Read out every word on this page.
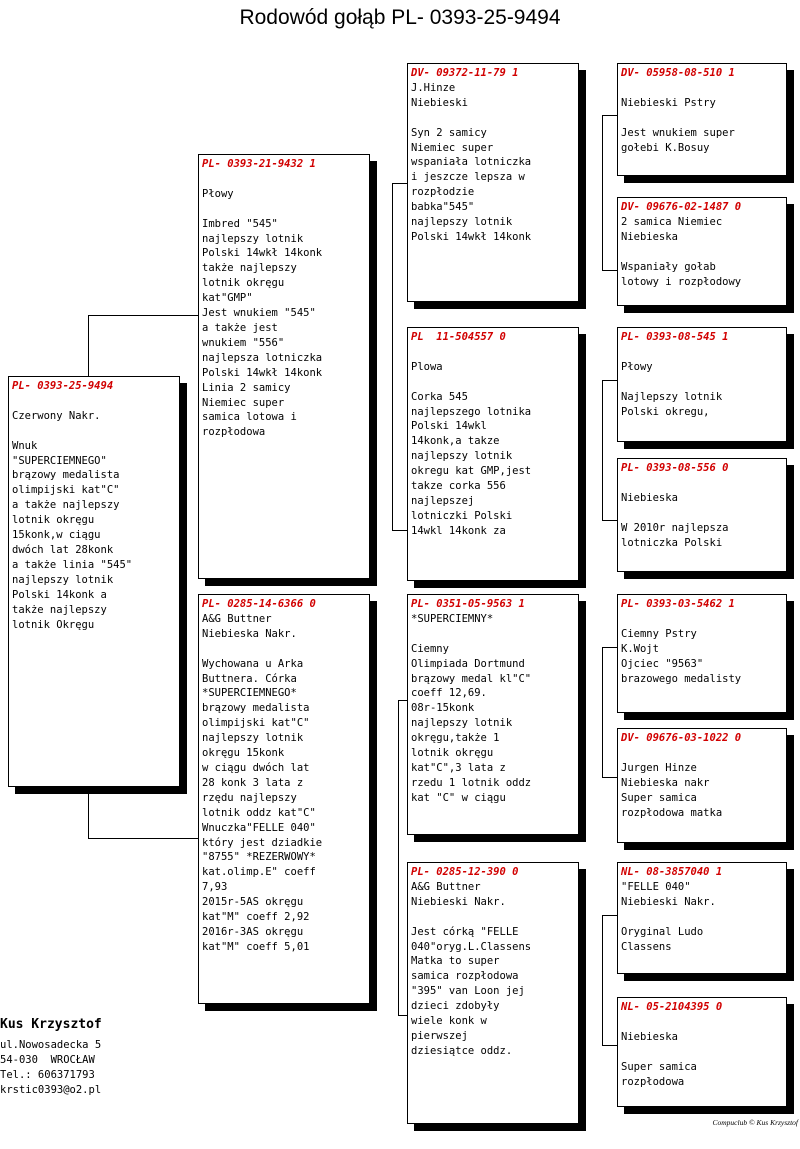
Rodowód gołąb PL- 0393-25-9494
PL- 0393-25-9494

Czerwony Nakr.

Wnuk
"SUPERCIEMNEGO"
brązowy medalista
olimpijski kat"C"
a także najlepszy
lotnik okręgu
15konk,w ciągu
dwóch lat 28konk
a także linia "545"
najlepszy lotnik
Polski 14konk a
także najlepszy
lotnik Okręgu
PL- 0393-21-9432 1

Płowy

Imbred "545"
najlepszy lotnik
Polski 14wkł 14konk
także najlepszy
lotnik okręgu
kat"GMP"
Jest wnukiem "545"
a także jest
wnukiem "556"
najlepsza lotniczka
Polski 14wkł 14konk
Linia 2 samicy
Niemiec super
samica lotowa i
rozpłodowa
PL- 0285-14-6366 0
A&G Buttner
Niebieska Nakr.

Wychowana u Arka
Buttnera. Córka
*SUPERCIEMNEGO*
brązowy medalista
olimpijski kat"C"
najlepszy lotnik
okręgu 15konk
w ciągu dwóch lat
28 konk 3 lata z
rzędu najlepszy
lotnik oddz kat"C"
Wnuczka"FELLE 040"
który jest dziadkie
"8755" *REZERWOWY*
kat.olimp.E" coeff
7,93
2015r-5AS okręgu
kat"M" coeff 2,92
2016r-3AS okręgu
kat"M" coeff 5,01
DV- 09372-11-79 1
J.Hinze
Niebieski

Syn 2 samicy
Niemiec super
wspaniała lotniczka
i jeszcze lepsza w
rozpłodzie
babka"545"
najlepszy lotnik
Polski 14wkł 14konk
PL  11-504557 0

Plowa

Corka 545
najlepszego lotnika
Polski 14wkl
14konk,a takze
najlepszy lotnik
okregu kat GMP,jest
takze corka 556
najlepszej
lotniczki Polski
14wkl 14konk za
PL- 0351-05-9563 1
*SUPERCIEMNY*

Ciemny
Olimpiada Dortmund
brązowy medal kl"C"
coeff 12,69.
08r-15konk
najlepszy lotnik
okręgu,także 1
lotnik okręgu
kat"C",3 lata z
rzedu 1 lotnik oddz
kat "C" w ciągu
PL- 0285-12-390 0
A&G Buttner
Niebieski Nakr.

Jest córką "FELLE
040"oryg.L.Classens
Matka to super
samica rozpłodowa
"395" van Loon jej
dzieci zdobyły
wiele konk w
pierwszej
dziesiątce oddz.
DV- 05958-08-510 1

Niebieski Pstry

Jest wnukiem super
gołebi K.Bosuy
DV- 09676-02-1487 0
2 samica Niemiec
Niebieska

Wspaniały gołab
lotowy i rozpłodowy
PL- 0393-08-545 1

Płowy

Najlepszy lotnik
Polski okregu,
PL- 0393-08-556 0

Niebieska

W 2010r najlepsza
lotniczka Polski
PL- 0393-03-5462 1

Ciemny Pstry
K.Wojt
Ojciec "9563"
brazowego medalisty
DV- 09676-03-1022 0

Jurgen Hinze
Niebieska nakr
Super samica
rozpłodowa matka
NL- 08-3857040 1
"FELLE 040"
Niebieski Nakr.

Oryginal Ludo
Classens
NL- 05-2104395 0

Niebieska

Super samica
rozpłodowa
Kus Krzysztof
ul.Nowosadecka 5
54-030  WROCŁAW
Tel.: 606371793
krstic0393@o2.pl
Compuclub © Kus Krzysztof
